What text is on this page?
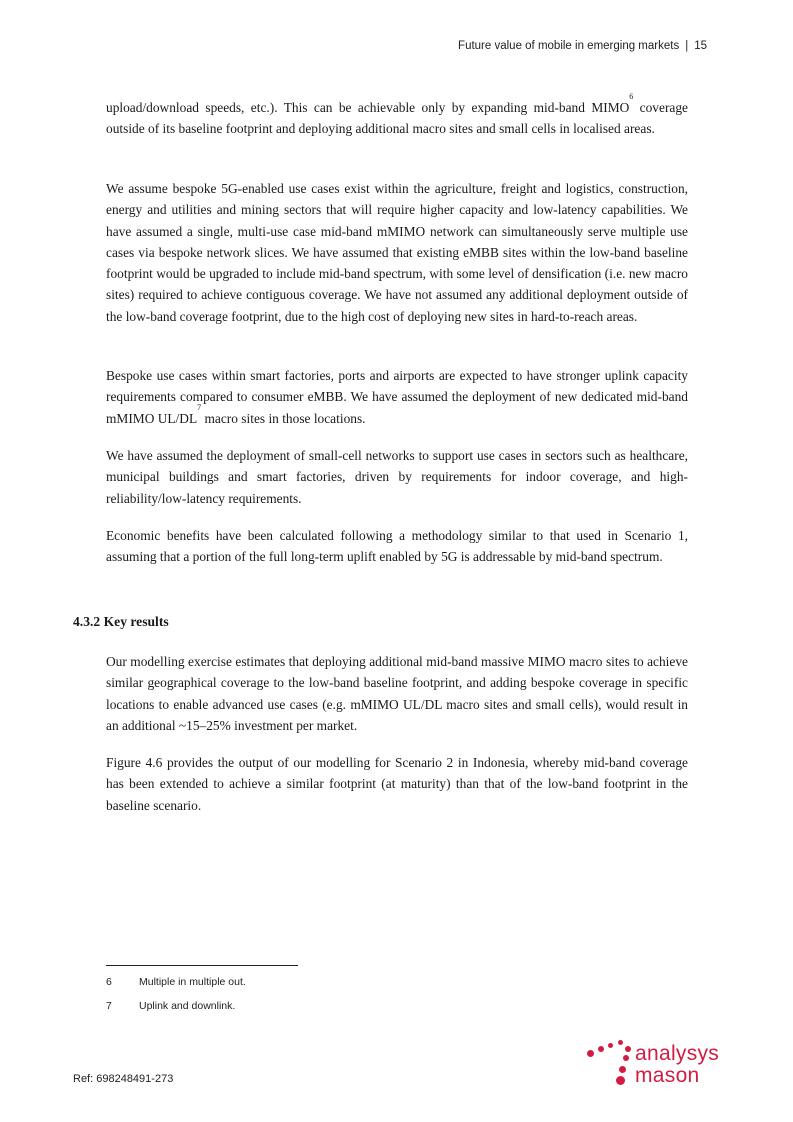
Future value of mobile in emerging markets | 15

upload/download speeds, etc.). This can be achievable only by expanding mid-band MIMO$^6$ coverage outside of its baseline footprint and deploying additional macro sites and small cells in localised areas.

We assume bespoke 5G-enabled use cases exist within the agriculture, freight and logistics, construction, energy and utilities and mining sectors that will require higher capacity and low-latency capabilities. We have assumed a single, multi-use case mid-band mMIMO network can simultaneously serve multiple use cases via bespoke network slices. We have assumed that existing eMBB sites within the low-band baseline footprint would be upgraded to include mid-band spectrum, with some level of densification (i.e. new macro sites) required to achieve contiguous coverage. We have not assumed any additional deployment outside of the low-band coverage footprint, due to the high cost of deploying new sites in hard-to-reach areas.

Bespoke use cases within smart factories, ports and airports are expected to have stronger uplink capacity requirements compared to consumer eMBB. We have assumed the deployment of new dedicated mid-band mMIMO $UL/DL^7$ macro sites in those locations.

We have assumed the deployment of small-cell networks to support use cases in sectors such as healthcare, municipal buildings and smart factories, driven by requirements for indoor coverage, and high-reliability/low-latency requirements.

Economic benefits have been calculated following a methodology similar to that used in Scenario 1, assuming that a portion of the full long-term uplift enabled by 5G is addressable by mid-band spectrum.

4.3.2 Key results

Our modelling exercise estimates that deploying additional mid-band massive MIMO macro sites to achieve similar geographical coverage to the low-band baseline footprint, and adding bespoke coverage in specific locations to enable advanced use cases (e.g. mMIMO UL/DL macro sites and small cells), would result in an additional ~15–25% investment per market.

Figure 4.6 provides the output of our modelling for Scenario 2 in Indonesia, whereby mid-band coverage has been extended to achieve a similar footprint (at maturity) than that of the low-band footprint in the baseline scenario.

6	Multiple in multiple out.
7	Uplink and downlink.
Ref: 698248491-273
analysys
mason
